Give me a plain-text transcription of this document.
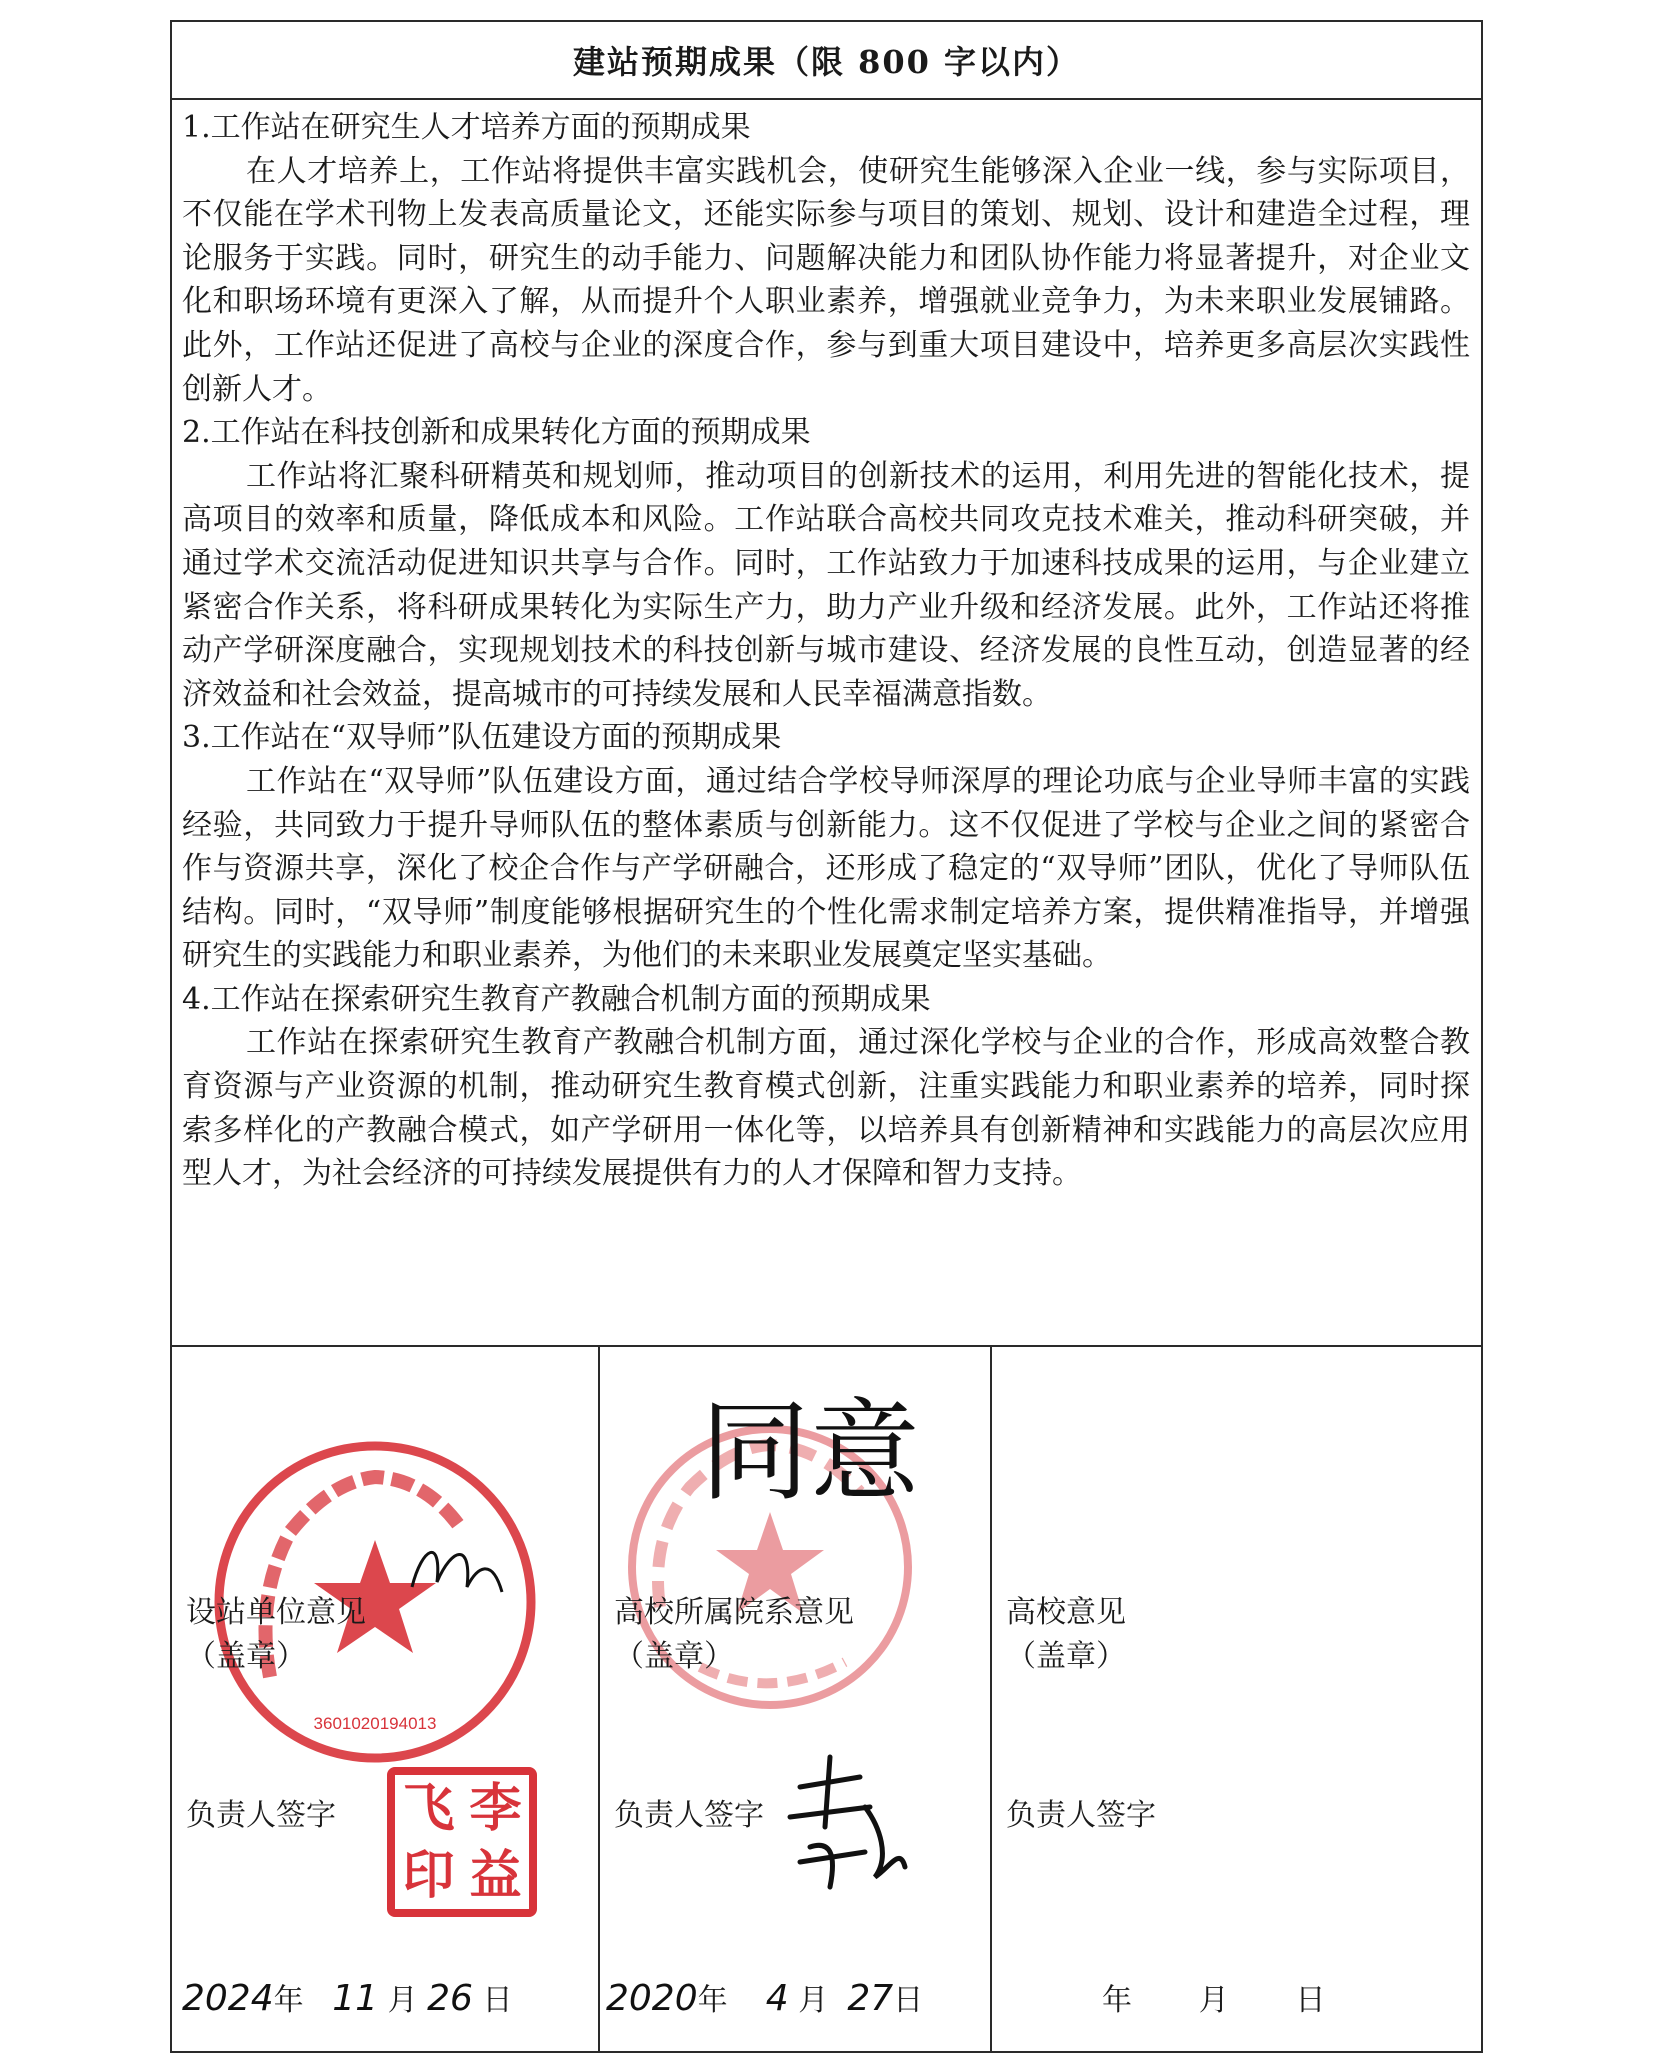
建站预期成果（限 800 字以内）

1.工作站在研究生人才培养方面的预期成果

在人才培养上，工作站将提供丰富实践机会，使研究生能够深入企业一线，参与实际项目，不仅能在学术刊物上发表高质量论文，还能实际参与项目的策划、规划、设计和建造全过程，理论服务于实践。同时，研究生的动手能力、问题解决能力和团队协作能力将显著提升，对企业文化和职场环境有更深入了解，从而提升个人职业素养，增强就业竞争力，为未来职业发展铺路。此外，工作站还促进了高校与企业的深度合作，参与到重大项目建设中，培养更多高层次实践性创新人才。

2.工作站在科技创新和成果转化方面的预期成果

工作站将汇聚科研精英和规划师，推动项目的创新技术的运用，利用先进的智能化技术，提高项目的效率和质量，降低成本和风险。工作站联合高校共同攻克技术难关，推动科研突破，并通过学术交流活动促进知识共享与合作。同时，工作站致力于加速科技成果的运用，与企业建立紧密合作关系，将科研成果转化为实际生产力，助力产业升级和经济发展。此外，工作站还将推动产学研深度融合，实现规划技术的科技创新与城市建设、经济发展的良性互动，创造显著的经济效益和社会效益，提高城市的可持续发展和人民幸福满意指数。

3.工作站在“双导师”队伍建设方面的预期成果

工作站在“双导师”队伍建设方面，通过结合学校导师深厚的理论功底与企业导师丰富的实践经验，共同致力于提升导师队伍的整体素质与创新能力。这不仅促进了学校与企业之间的紧密合作与资源共享，深化了校企合作与产学研融合，还形成了稳定的“双导师”团队，优化了导师队伍结构。同时，“双导师”制度能够根据研究生的个性化需求制定培养方案，提供精准指导，并增强研究生的实践能力和职业素养，为他们的未来职业发展奠定坚实基础。

4.工作站在探索研究生教育产教融合机制方面的预期成果

工作站在探索研究生教育产教融合机制方面，通过深化学校与企业的合作，形成高效整合教育资源与产业资源的机制，推动研究生教育模式创新，注重实践能力和职业素养的培养，同时探索多样化的产教融合模式，如产学研用一体化等，以培养具有创新精神和实践能力的高层次应用型人才，为社会经济的可持续发展提供有力的人才保障和智力支持。

3601020194013
设站单位意见
（盖章）
负责人签字 飞 李
印 益
2024年 11 月 26 日
同意
高校所属院系意见
（盖章）
负责人签字
2020年 4 月 27日
高校意见
（盖章）
负责人签字
年 月 日
